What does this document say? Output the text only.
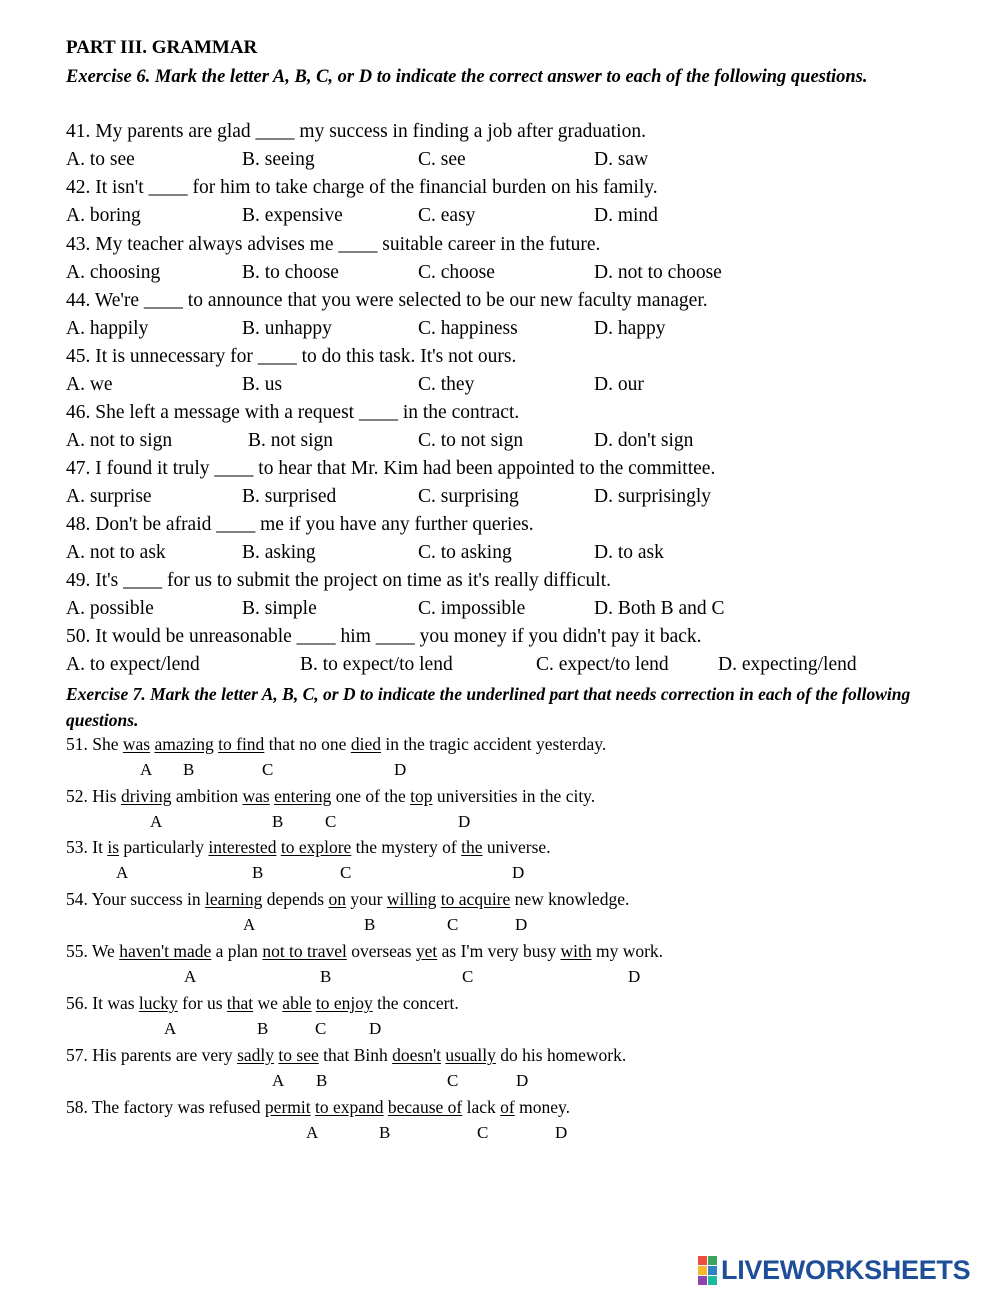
PART III. GRAMMAR
Exercise 6. Mark the letter A, B, C, or D to indicate the correct answer to each of the following questions.
41. My parents are glad ____ my success in finding a job after graduation.
A. to see	B. seeing	C. see	D. saw
42. It isn't ____ for him to take charge of the financial burden on his family.
A. boring	B. expensive	C. easy	D. mind
43. My teacher always advises me ____ suitable career in the future.
A. choosing	B. to choose	C. choose	D. not to choose
44. We're ____ to announce that you were selected to be our new faculty manager.
A. happily	B. unhappy	C. happiness	D. happy
45. It is unnecessary for ____ to do this task. It's not ours.
A. we	B. us	C. they	D. our
46. She left a message with a request ____ in the contract.
A. not to sign	B. not sign	C. to not sign	D. don't sign
47. I found it truly ____ to hear that Mr. Kim had been appointed to the committee.
A. surprise	B. surprised	C. surprising	D. surprisingly
48. Don't be afraid ____ me if you have any further queries.
A. not to ask	B. asking	C. to asking	D. to ask
49. It's ____ for us to submit the project on time as it's really difficult.
A. possible	B. simple	C. impossible	D. Both B and C
50. It would be unreasonable ____ him ____ you money if you didn't pay it back.
A. to expect/lend	B. to expect/to lend	C. expect/to lend	D. expecting/lend
Exercise 7. Mark the letter A, B, C, or D to indicate the underlined part that needs correction in each of the following questions.
51. She was amazing to find that no one died in the tragic accident yesterday.
A B	C	D
52. His driving ambition was entering one of the top universities in the city.
A	B C	D
53. It is particularly interested to explore the mystery of the universe.
A	B	C	D
54. Your success in learning depends on your willing to acquire new knowledge.
A	B	C	D
55. We haven't made a plan not to travel overseas yet as I'm very busy with my work.
A	B	C	D
56. It was lucky for us that we able to enjoy the concert.
A	B	C	D
57. His parents are very sadly to see that Binh doesn't usually do his homework.
A B	C	D
58. The factory was refused permit to expand because of lack of money.
A	B	C	D
LIVEWORKSHEETS
